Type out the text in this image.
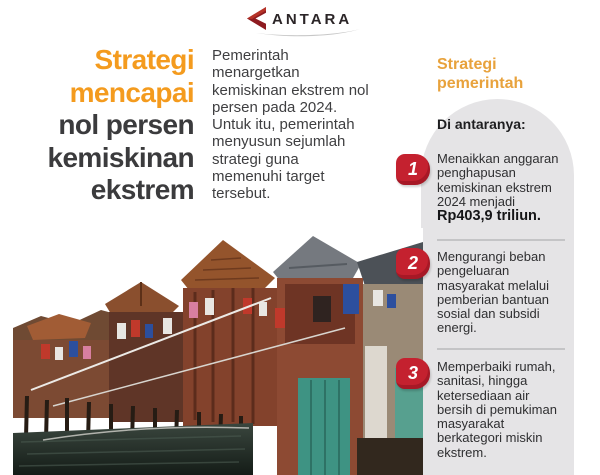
ANTARA
Strategi
mencapai
nol persen
kemiskinan
ekstrem
Pemerintah menargetkan kemiskinan ekstrem nol persen pada 2024. Untuk itu, pemerintah menyusun sejumlah strategi guna memenuhi target tersebut.
Strategi pemerintah
Di antaranya:
Menaikkan anggaran penghapusan kemiskinan ekstrem 2024 menjadi Rp403,9 triliun.
Mengurangi beban pengeluaran masyarakat melalui pemberian bantuan sosial dan subsidi energi.
Memperbaiki rumah, sanitasi, hingga ketersediaan air bersih di pemukiman masyarakat berkategori miskin ekstrem.
1
2
3
